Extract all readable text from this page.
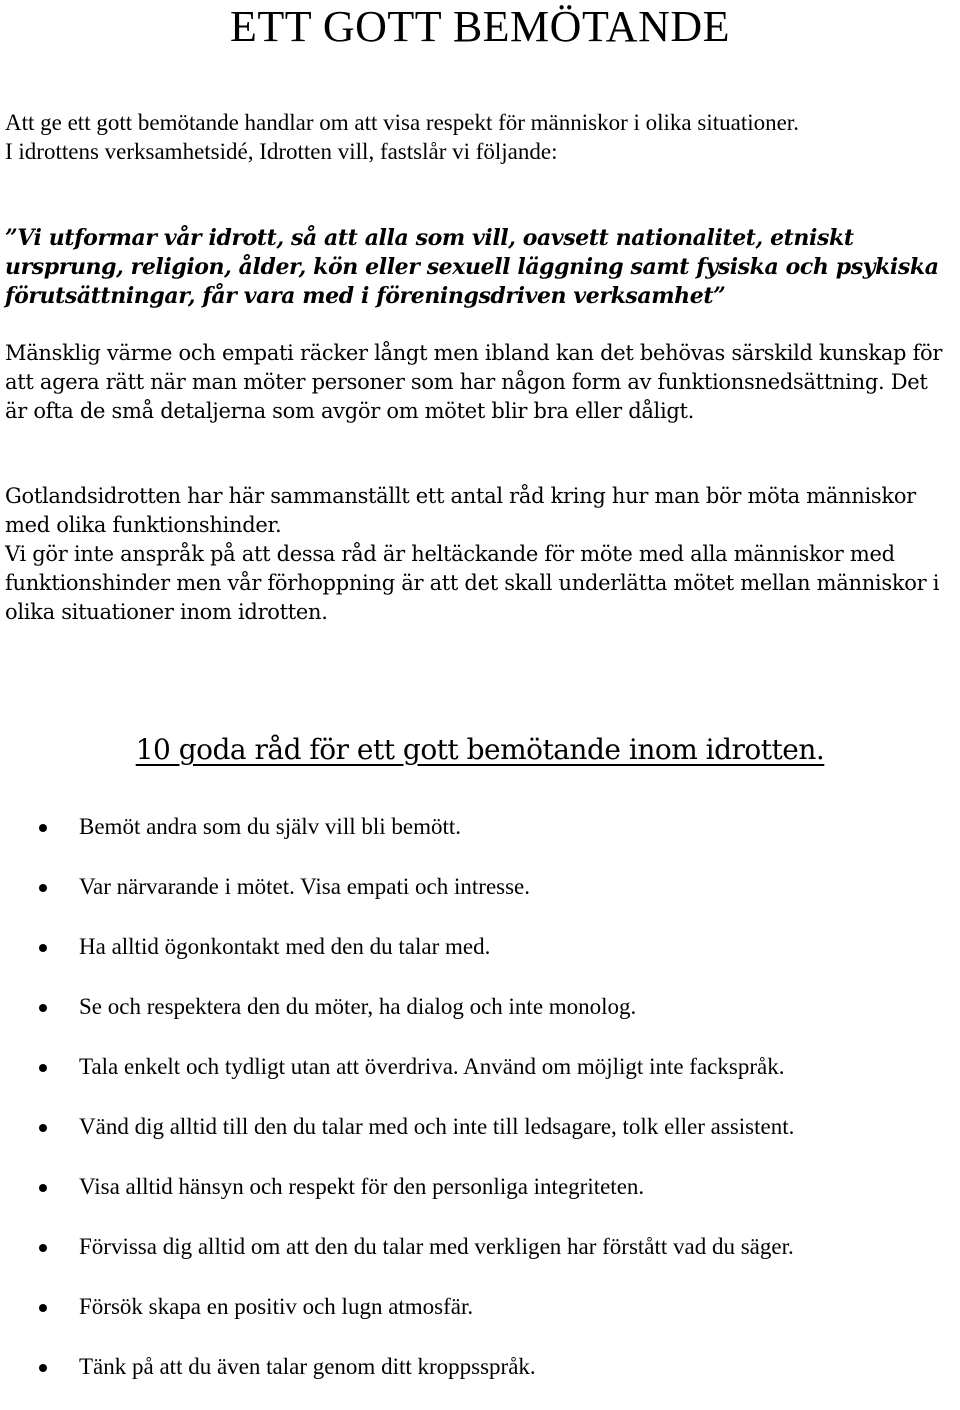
ETT GOTT BEMÖTANDE

Att ge ett gott bemötande handlar om att visa respekt för människor i olika situationer.
I idrottens verksamhetsidé, Idrotten vill, fastslår vi följande:

”Vi utformar vår idrott, så att alla som vill, oavsett nationalitet, etniskt ursprung, religion, ålder, kön eller sexuell läggning samt fysiska och psykiska förutsättningar, får vara med i föreningsdriven verksamhet”

Mänsklig värme och empati räcker långt men ibland kan det behövas särskild kunskap för att agera rätt när man möter personer som har någon form av funktionsnedsättning. Det är ofta de små detaljerna som avgör om mötet blir bra eller dåligt.

Gotlandsidrotten har här sammanställt ett antal råd kring hur man bör möta människor med olika funktionshinder.
Vi gör inte anspråk på att dessa råd är heltäckande för möte med alla människor med funktionshinder men vår förhoppning är att det skall underlätta mötet mellan människor i olika situationer inom idrotten.

10 goda råd för ett gott bemötande inom idrotten.
Bemöt andra som du själv vill bli bemött.
Var närvarande i mötet. Visa empati och intresse.
Ha alltid ögonkontakt med den du talar med.
Se och respektera den du möter, ha dialog och inte monolog.
Tala enkelt och tydligt utan att överdriva. Använd om möjligt inte fackspråk.
Vänd dig alltid till den du talar med och inte till ledsagare, tolk eller assistent.
Visa alltid hänsyn och respekt för den personliga integriteten.
Förvissa dig alltid om att den du talar med verkligen har förstått vad du säger.
Försök skapa en positiv och lugn atmosfär.
Tänk på att du även talar genom ditt kroppsspråk.
